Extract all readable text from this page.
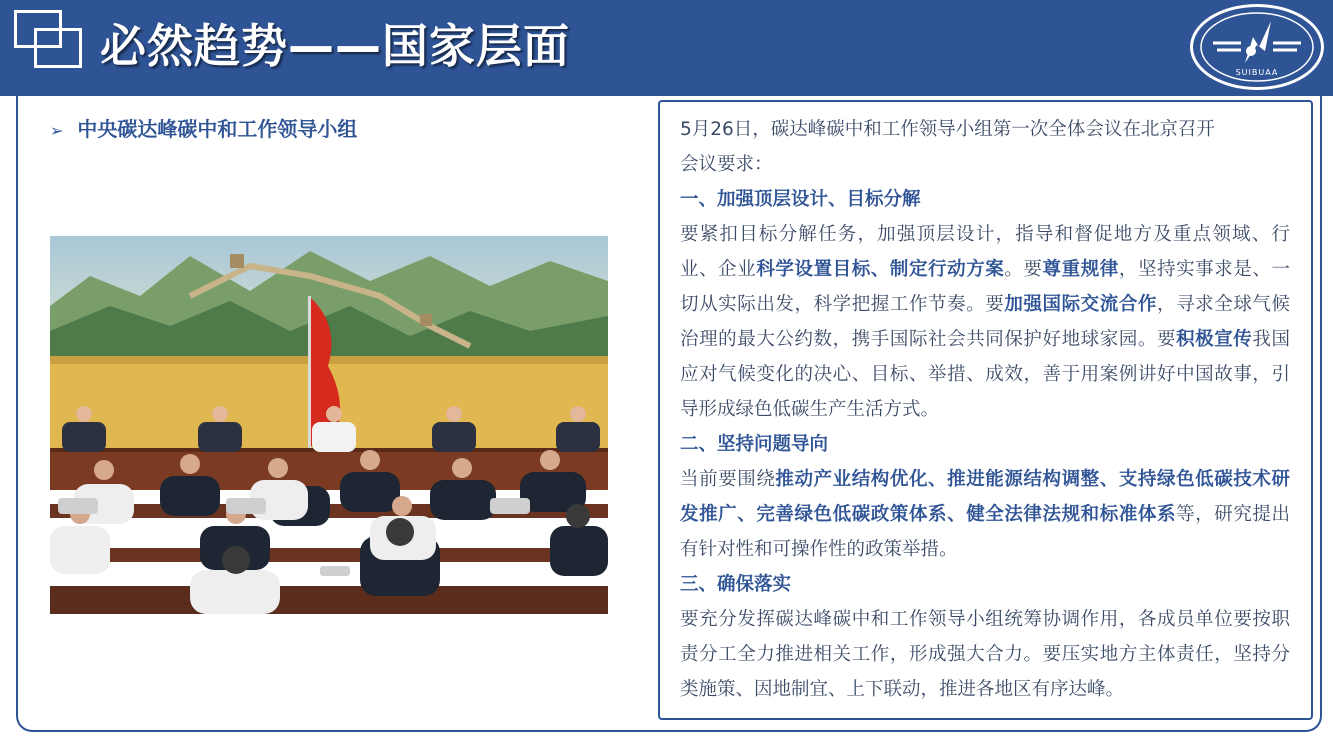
必然趋势——国家层面	SUIBUAA
➢ 中央碳达峰碳中和工作领导小组	5月26日，碳达峰碳中和工作领导小组第一次全体会议在北京召开

会议要求：

一、加强顶层设计、目标分解

要紧扣目标分解任务，加强顶层设计，指导和督促地方及重点领域、行业、企业科学设置目标、制定行动方案。要尊重规律，坚持实事求是、一切从实际出发，科学把握工作节奏。要加强国际交流合作，寻求全球气候治理的最大公约数，携手国际社会共同保护好地球家园。要积极宣传我国应对气候变化的决心、目标、举措、成效，善于用案例讲好中国故事，引导形成绿色低碳生产生活方式。

二、坚持问题导向

当前要围绕推动产业结构优化、推进能源结构调整、支持绿色低碳技术研发推广、完善绿色低碳政策体系、健全法律法规和标准体系等，研究提出有针对性和可操作性的政策举措。

三、确保落实

要充分发挥碳达峰碳中和工作领导小组统筹协调作用，各成员单位要按职责分工全力推进相关工作，形成强大合力。要压实地方主体责任，坚持分类施策、因地制宜、上下联动，推进各地区有序达峰。
